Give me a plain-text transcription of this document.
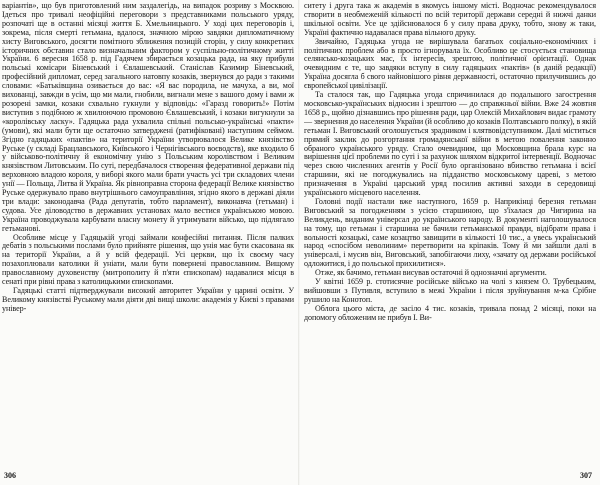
варіантів», що був приготовлений ним заздалегідь, на випадок розриву з Москвою. Ідеться про тривалі неофіційні переговори з представниками польського уряду, розпочаті ще в останні місяці життя Б. Хмельницького. У ході цих переговорів і, зокрема, після смерті гетьмана, вдалося, значною мірою завдяки дипломатичному хисту Виговського, досягти помітного зближення позицій сторін, у силу конкретних історичних обставин стало визначальним фактором у суспільно-політичному житті України. 6 вересня 1658 р. під Гадячем збирається козацька рада, на яку прибули польські комісари Біневський і Євлашевський. Станіслав Казимир Біневський, професійний дипломат, серед загального натовпу козаків, звернувся до ради з такими словами: «Батьківщина озивається до вас: «Я вас породила, не мачуха, а ви, мої вихованці, завжди в усім, що ми мали, гнобили, вигнали мене з вашого дому і вами ж розорені замки, козаки схвально гукнули у відповідь: «Гаразд говорить!» Потім виступив з подібною ж хвилюючою промовою Євлашевський, і козаки вигукнули за «королівську ласку». Гадяцька рада ухвалила спільні польсько-українські «пакти» (умови), які мали бути ще остаточно затверджені (ратифіковані) наступним сеймом. Згідно гадяцьких «пактів» на території України утворювалося Велике князівство Руське (у складі Брацлавського, Київського і Чернігівського воєводств), яке входило б у військово-політичну й економічну унію з Польським королівством і Великим князівством Литовським. По суті, передбачалося створення федеративної держави під верховною владою короля, у виборі якого мали брати участь усі три складових члени унії — Польща, Литва й Україна. Як рівноправна сторона федерації Велике князівство Руське одержувало право внутрішнього самоуправління, згідно якого в державі діяли три влади: законодавча (Рада депутатів, тобто парламент), виконавча (гетьман) і судова. Усе діловодство в державних установах мало вестися українською мовою. Україна проводжувала карбувати власну монету й утримувати військо, що підлягало гетьманові.

Особливе місце у Гадяцькій угоді займали конфесійні питання. Після палких дебатів з польськими послами було прийняте рішення, що унія має бути скасована як на території України, а й у всій федерації. Усі церкви, що їх своєму часу позахоплювали католики й уніати, мали бути повернені православним. Вищому православному духовенству (митрополиту й п'яти єпископам) надавалися місця в сенаті при рівні права з католицькими єпископами.

Гадяцькі статті підтверджували високий авторитет України у царині освіти. У Великому князівстві Руському мали діяти дві вищі школи: академія у Києві з правами універ-

306

ситету і друга така ж академія в якомусь іншому місті. Водночас рекомендувалося створити в необмеженій кількості по всій території держави середні й нижчі данки шкільної освіти. Усе це здійснювалося б у силу права друку, тобто, знову ж таки, Україні фактично надавалася права вільного друку.

Звичайно, Гадяцька угода не вирішувала багатьох соціально-економічних і політичних проблем або в просто ігнорувала їх. Особливо це стосується становища селянсько-козацьких мас, їх інтересів, зрештою, політичної орієнтації. Однак очевидним є те, що завдяки вступу в силу гадяцьких «пактів» (в даній редакції) Україна досягла б свого найновішого рівня державності, остаточно прилучившись до європейської цивілізації.

Та сталося так, що Гадяцька угода спричинилася до подальшого загострення московсько-українських відносин і зрештою — до справжньої війни. Вже 24 жовтня 1658 р., щойно дізнавшись про рішення ради, цар Олексій Михайлович видає грамоту — звернення до населення України (й особливо до козаків Полтавського полку), в якій гетьман І. Виговський оголошується зрадником і клятвовідступником. Далі міститься прямий заклик до розгортання громадянської війни в метою повалення законно обраного українського уряду. Стало очевидним, що Московщина брала курс на вирішення цієї проблеми по суті і за рахунок шляхом відкритої інтервенції. Водночас через свою численних агентів у Росії було організовано вбивство гетьмана і всієї старшини, які не погоджувались на підданство московському цареві, з метою призначення в Україні царський уряд посилив активні заходи в середовищі українського місцевого населення.

Головні події настали вже наступного, 1659 р. Наприкінці березня гетьман Виговський за погодженням з усією старшиною, що з'їхалася до Чигирина на Великдень, виданим універсал до українського народу. В документі наголошувалося на тому, що гетьман і старшина не бачили гетьманської правди, відібрати права і вольності козацькі, саме козацтво завищити в кількості 10 тис., а увесь український народ «спосібом неволиним» перетворити на кріпаків. Тому й ми зайшли далі в універсалі, і мусив він, Виговський, запобігаючи лиху, «зачату од держави російської одложитися, і до польської прихилитися».

Отже, як бачимо, гетьман висував остаточні й однозначні аргументи.

У квітні 1659 р. стотисячне російське військо на чолі з князем О. Трубецьким, вийшовши з Путивля, вступило в межі України і після зруйнування м-ка Срібне рушило на Конотоп.

Облога цього міста, де засіло 4 тис. козаків, тривала понад 2 місяці, поки на допомогу обложеним не прибув І. Ви-

307
